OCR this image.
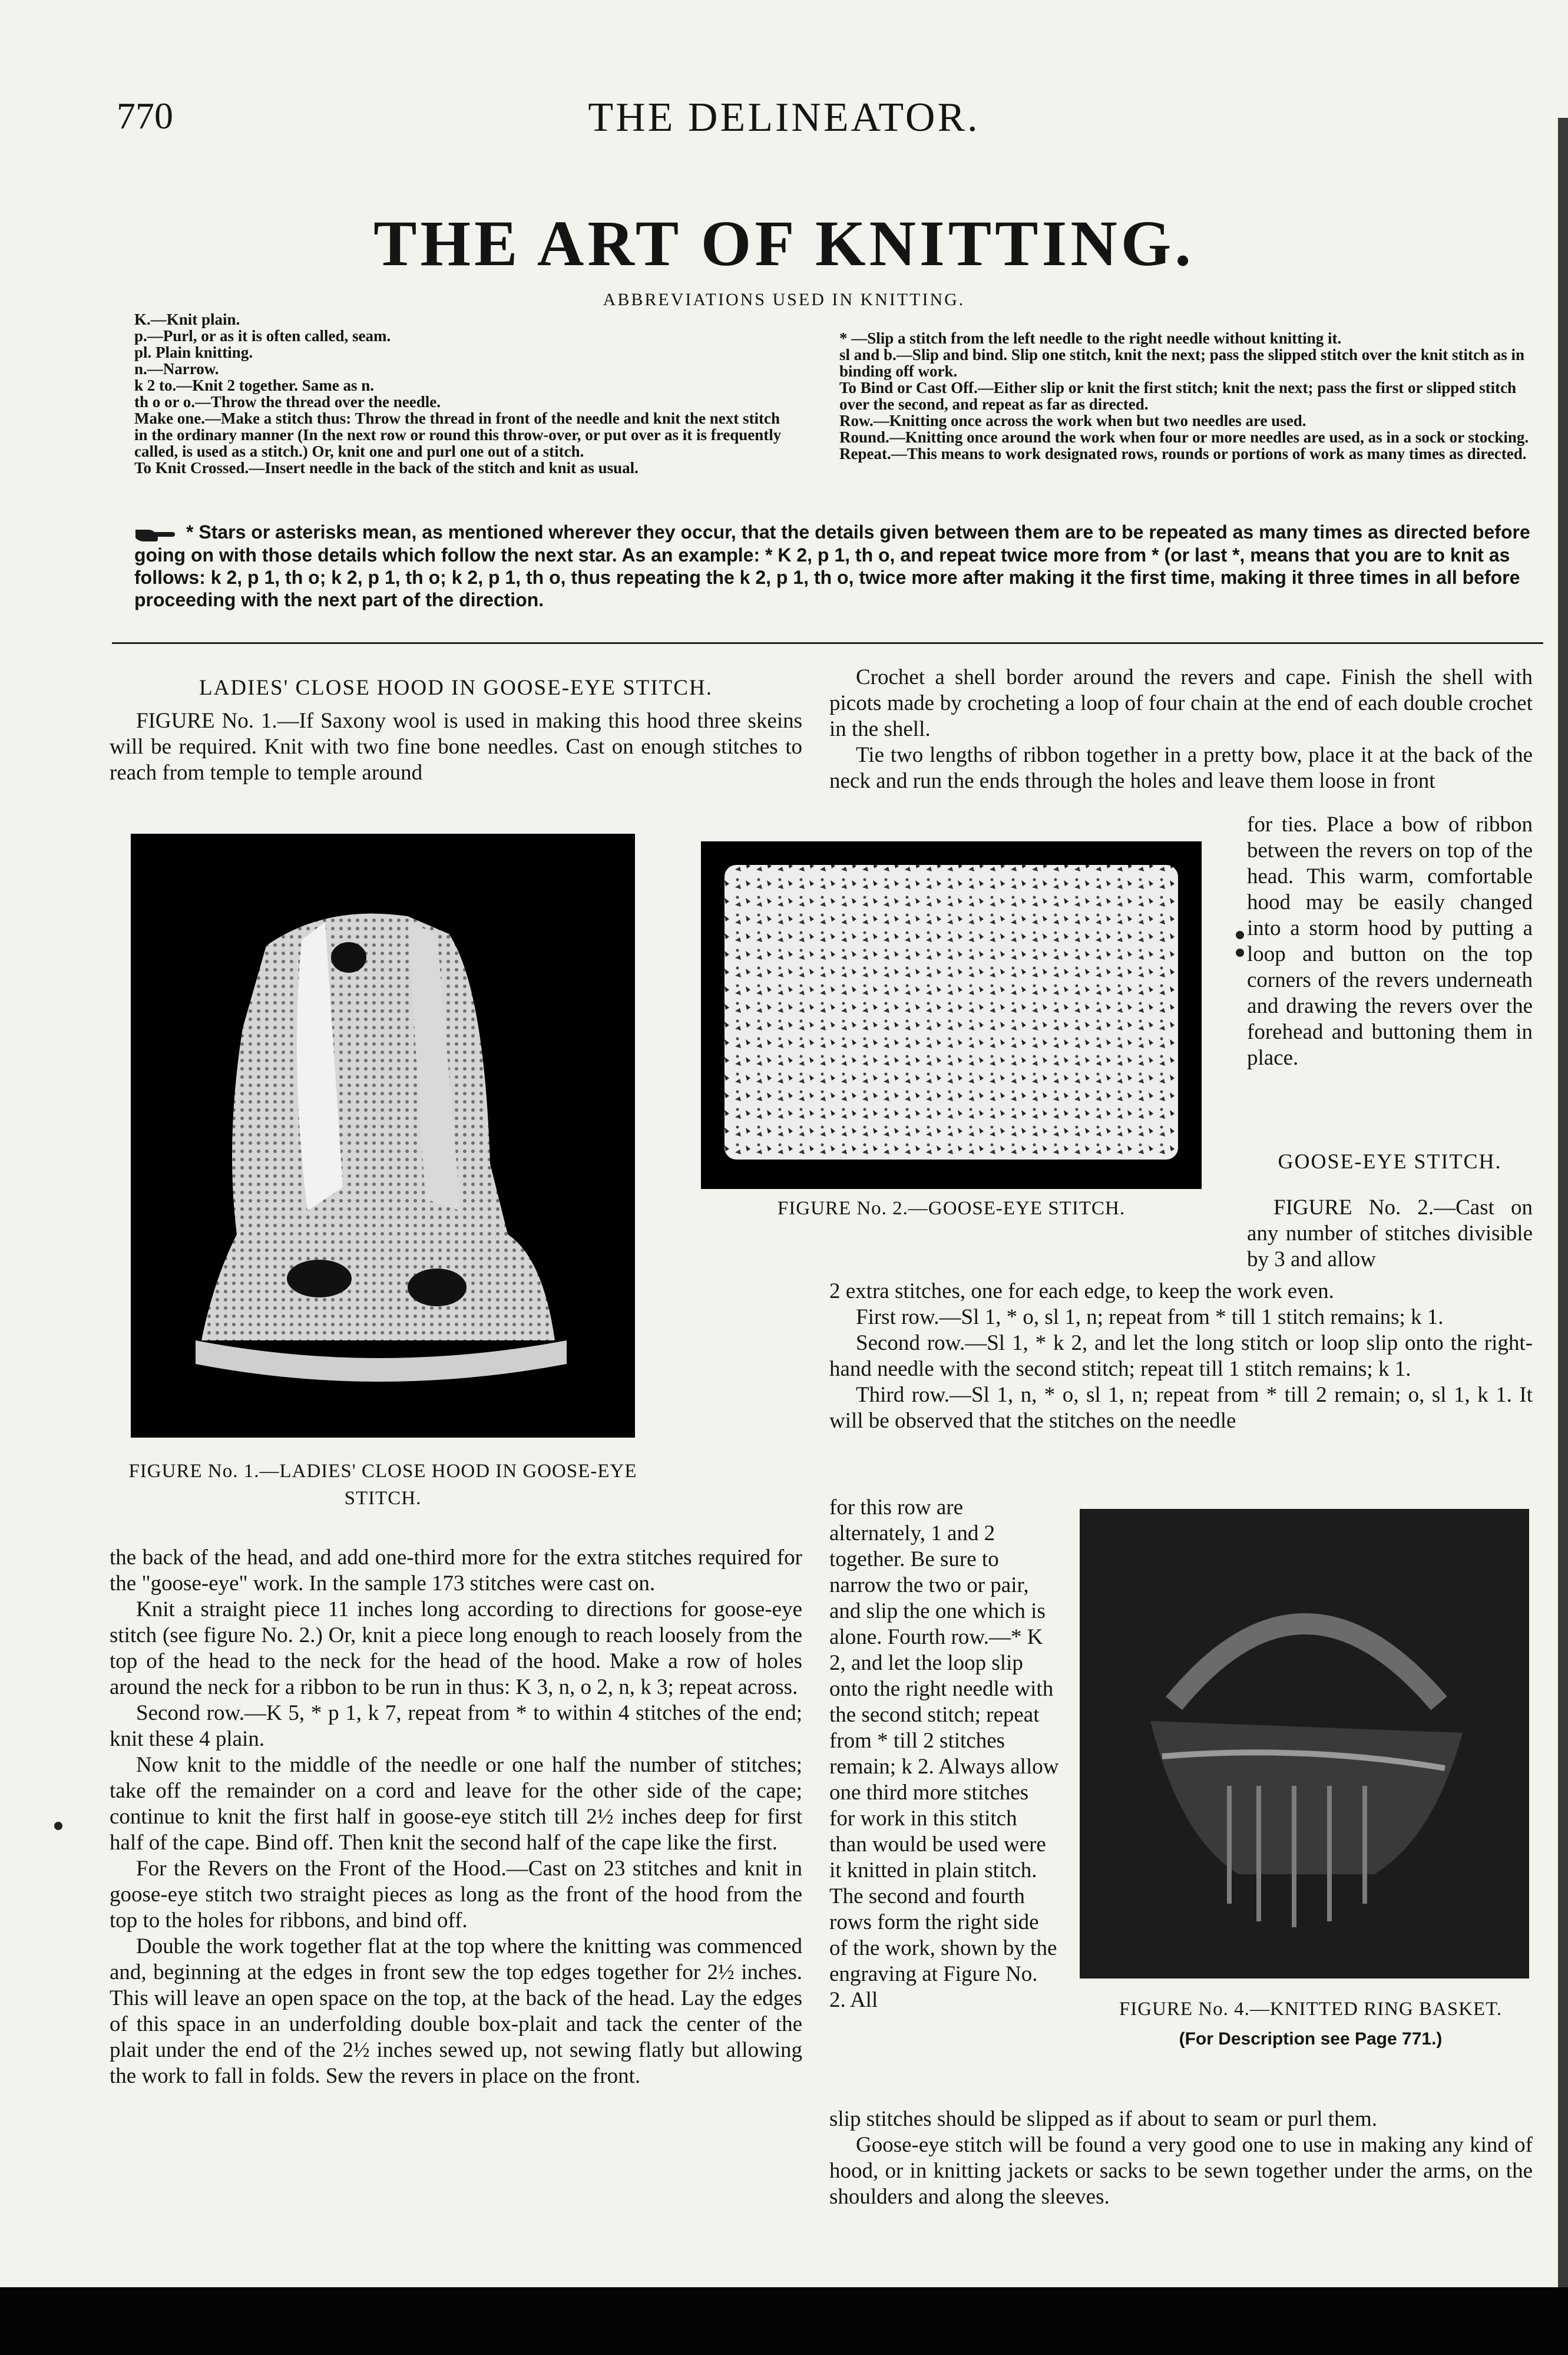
770	THE DELINEATOR.
THE ART OF KNITTING.
ABBREVIATIONS USED IN KNITTING.

K.—Knit plain.

p.—Purl, or as it is often called, seam.

pl. Plain knitting.

n.—Narrow.

k 2 to.—Knit 2 together. Same as n.

th o or o.—Throw the thread over the needle.

Make one.—Make a stitch thus: Throw the thread in front of the needle and knit the next stitch in the ordinary manner (In the next row or round this throw-over, or put over as it is frequently called, is used as a stitch.) Or, knit one and purl one out of a stitch.

To Knit Crossed.—Insert needle in the back of the stitch and knit as usual.

* —Slip a stitch from the left needle to the right needle without knitting it.

sl and b.—Slip and bind. Slip one stitch, knit the next; pass the slipped stitch over the knit stitch as in binding off work.

To Bind or Cast Off.—Either slip or knit the first stitch; knit the next; pass the first or slipped stitch over the second, and repeat as far as directed.

Row.—Knitting once across the work when but two needles are used.

Round.—Knitting once around the work when four or more needles are used, as in a sock or stocking.

Repeat.—This means to work designated rows, rounds or portions of work as many times as directed.

* Stars or asterisks mean, as mentioned wherever they occur, that the details given between them are to be repeated as many times as directed before going on with those details which follow the next star. As an example: * K 2, p 1, th o, and repeat twice more from * (or last *, means that you are to knit as follows: k 2, p 1, th o; k 2, p 1, th o; k 2, p 1, th o, thus repeating the k 2, p 1, th o, twice more after making it the first time, making it three times in all before proceeding with the next part of the direction.

LADIES' CLOSE HOOD IN GOOSE-EYE STITCH.

FIGURE No. 1.—If Saxony wool is used in making this hood three skeins will be required. Knit with two fine bone needles. Cast on enough stitches to reach from temple to temple around

FIGURE No. 1.—LADIES' CLOSE HOOD IN GOOSE-EYE STITCH.

the back of the head, and add one-third more for the extra stitches required for the "goose-eye" work. In the sample 173 stitches were cast on.

Knit a straight piece 11 inches long according to directions for goose-eye stitch (see figure No. 2.) Or, knit a piece long enough to reach loosely from the top of the head to the neck for the head of the hood. Make a row of holes around the neck for a ribbon to be run in thus: K 3, n, o 2, n, k 3; repeat across.

Second row.—K 5, * p 1, k 7, repeat from * to within 4 stitches of the end; knit these 4 plain.

Now knit to the middle of the needle or one half the number of stitches; take off the remainder on a cord and leave for the other side of the cape; continue to knit the first half in goose-eye stitch till 2½ inches deep for first half of the cape. Bind off. Then knit the second half of the cape like the first.

For the Revers on the Front of the Hood.—Cast on 23 stitches and knit in goose-eye stitch two straight pieces as long as the front of the hood from the top to the holes for ribbons, and bind off.

Double the work together flat at the top where the knitting was commenced and, beginning at the edges in front sew the top edges together for 2½ inches. This will leave an open space on the top, at the back of the head. Lay the edges of this space in an underfolding double box-plait and tack the center of the plait under the end of the 2½ inches sewed up, not sewing flatly but allowing the work to fall in folds. Sew the revers in place on the front.

Crochet a shell border around the revers and cape. Finish the shell with picots made by crocheting a loop of four chain at the end of each double crochet in the shell.

Tie two lengths of ribbon together in a pretty bow, place it at the back of the neck and run the ends through the holes and leave them loose in front

FIGURE No. 2.—GOOSE-EYE STITCH.

for ties. Place a bow of ribbon between the revers on top of the head. This warm, comfortable hood may be easily changed into a storm hood by putting a loop and button on the top corners of the revers underneath and drawing the revers over the forehead and buttoning them in place.

GOOSE-EYE STITCH.

FIGURE No. 2.—Cast on any number of stitches divisible by 3 and allow

2 extra stitches, one for each edge, to keep the work even.

First row.—Sl 1, * o, sl 1, n; repeat from * till 1 stitch remains; k 1.

Second row.—Sl 1, * k 2, and let the long stitch or loop slip onto the right-hand needle with the second stitch; repeat till 1 stitch remains; k 1.

Third row.—Sl 1, n, * o, sl 1, n; repeat from * till 2 remain; o, sl 1, k 1. It will be observed that the stitches on the needle

for this row are alternately, 1 and 2 together. Be sure to narrow the two or pair, and slip the one which is alone. Fourth row.—* K 2, and let the loop slip onto the right needle with the second stitch; repeat from * till 2 stitches remain; k 2. Always allow one third more stitches for work in this stitch than would be used were it knitted in plain stitch. The second and fourth rows form the right side of the work, shown by the engraving at Figure No. 2. All	FIGURE No. 4.—KNITTED RING BASKET.
(For Description see Page 771.)

slip stitches should be slipped as if about to seam or purl them.

Goose-eye stitch will be found a very good one to use in making any kind of hood, or in knitting jackets or sacks to be sewn together under the arms, on the shoulders and along the sleeves.
